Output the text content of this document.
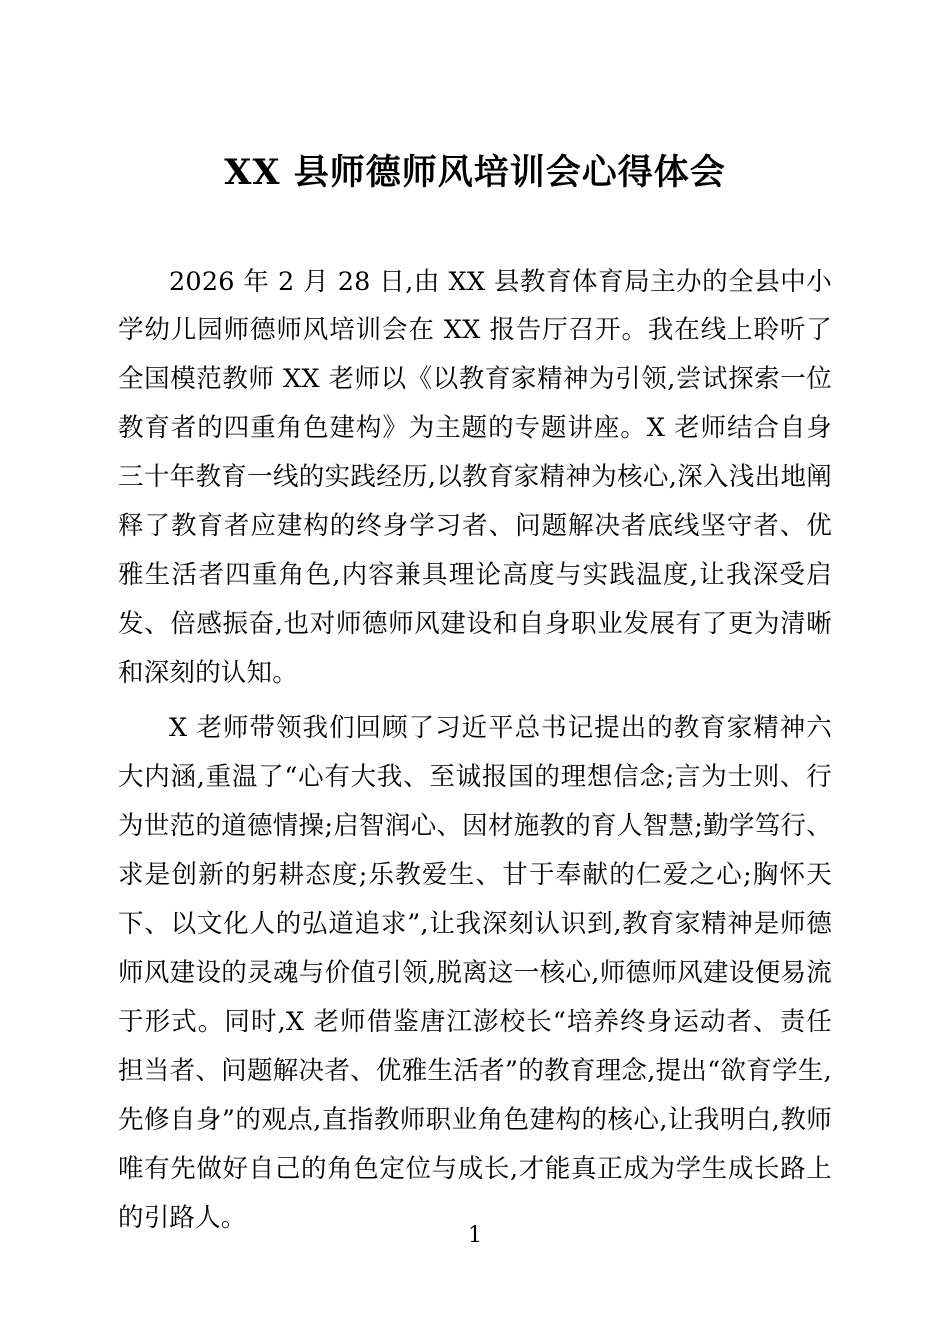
XX 县师德师风培训会心得体会

2026 年 2 月 28 日,由 XX 县教育体育局主办的全县中小学幼儿园师德师风培训会在 XX 报告厅召开。我在线上聆听了全国模范教师 XX 老师以《以教育家精神为引领,尝试探索一位教育者的四重角色建构》为主题的专题讲座。X 老师结合自身三十年教育一线的实践经历,以教育家精神为核心,深入浅出地阐释了教育者应建构的终身学习者、问题解决者底线坚守者、优雅生活者四重角色,内容兼具理论高度与实践温度,让我深受启发、倍感振奋,也对师德师风建设和自身职业发展有了更为清晰和深刻的认知。

X 老师带领我们回顾了习近平总书记提出的教育家精神六大内涵,重温了“心有大我、至诚报国的理想信念;言为士则、行为世范的道德情操;启智润心、因材施教的育人智慧;勤学笃行、求是创新的躬耕态度;乐教爱生、甘于奉献的仁爱之心;胸怀天下、以文化人的弘道追求”,让我深刻认识到,教育家精神是师德师风建设的灵魂与价值引领,脱离这一核心,师德师风建设便易流于形式。同时,X 老师借鉴唐江澎校长“培养终身运动者、责任担当者、问题解决者、优雅生活者”的教育理念,提出“欲育学生,先修自身”的观点,直指教师职业角色建构的核心,让我明白,教师唯有先做好自己的角色定位与成长,才能真正成为学生成长路上的引路人。

1
